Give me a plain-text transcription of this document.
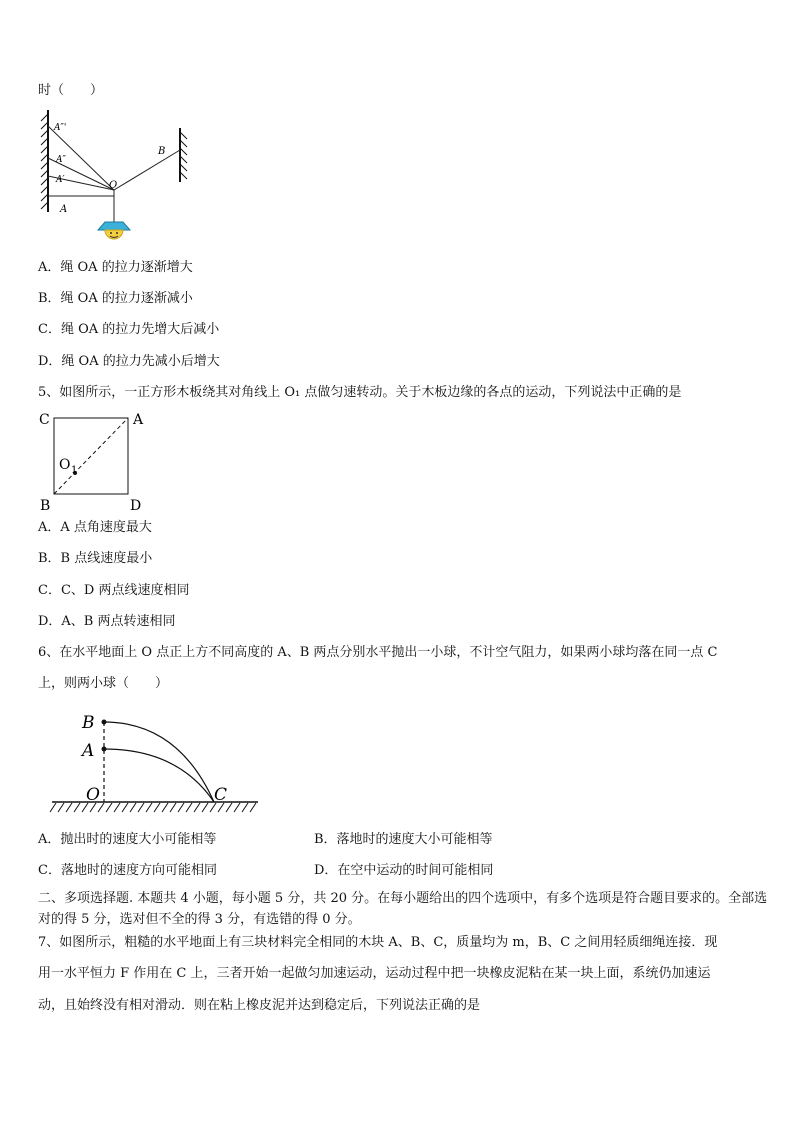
时（　　）
A″'
A″
A′
A
O
B
A．绳 OA 的拉力逐渐增大
B．绳 OA 的拉力逐渐减小
C．绳 OA 的拉力先增大后减小
D．绳 OA 的拉力先减小后增大
5、如图所示，一正方形木板绕其对角线上 O₁ 点做匀速转动。关于木板边缘的各点的运动，下列说法中正确的是
C	A
B	D
O 1
A．A 点角速度最大
B．B 点线速度最小
C．C、D 两点线速度相同
D．A、B 两点转速相同
6、在水平地面上 O 点正上方不同高度的 A、B 两点分别水平抛出一小球，不计空气阻力，如果两小球均落在同一点 C
上，则两小球（　　）
B
A
O	C
A．抛出时的速度大小可能相等	B．落地时的速度大小可能相等
C．落地时的速度方向可能相同	D．在空中运动的时间可能相同
二、多项选择题. 本题共 4 小题，每小题 5 分，共 20 分。在每小题给出的四个选项中，有多个选项是符合题目要求的。全部选对的得 5 分，选对但不全的得 3 分，有选错的得 0 分。
7、如图所示，粗糙的水平地面上有三块材料完全相同的木块 A、B、C，质量均为 m，B、C 之间用轻质细绳连接．现
用一水平恒力 F 作用在 C 上，三者开始一起做匀加速运动，运动过程中把一块橡皮泥粘在某一块上面，系统仍加速运
动，且始终没有相对滑动．则在粘上橡皮泥并达到稳定后，下列说法正确的是
